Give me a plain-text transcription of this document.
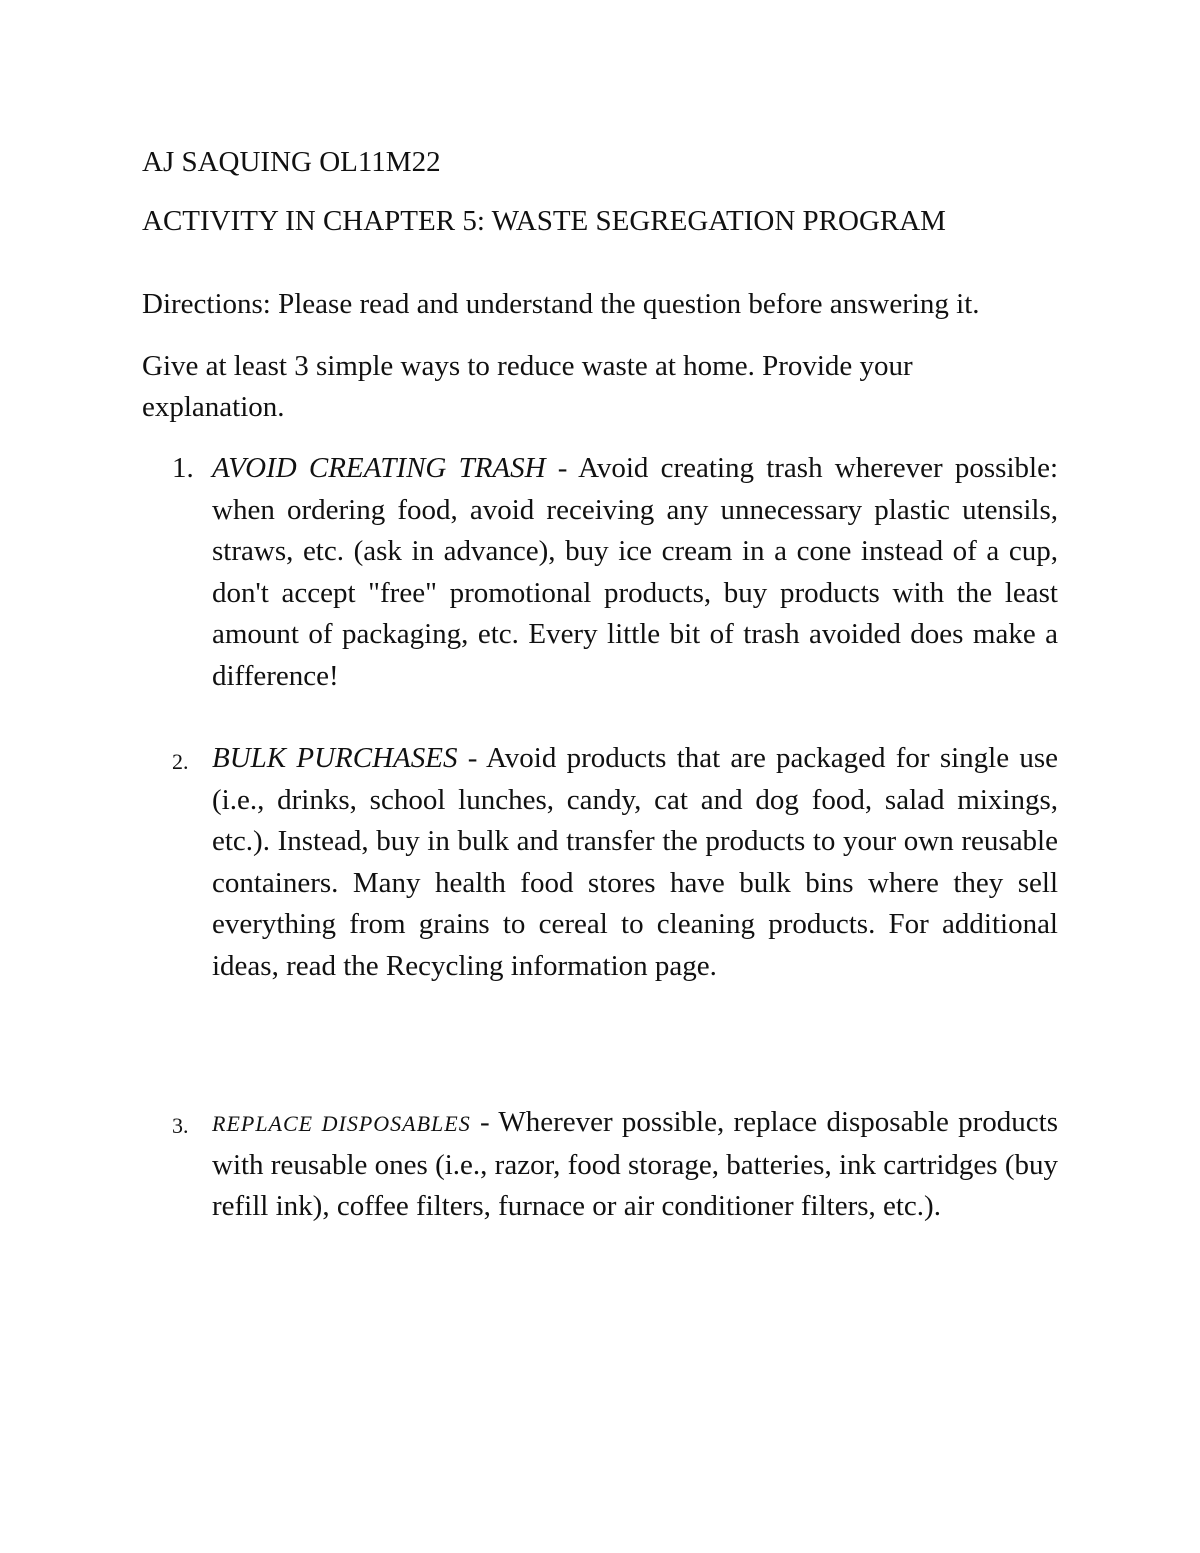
AJ SAQUING OL11M22

ACTIVITY IN CHAPTER 5: WASTE SEGREGATION PROGRAM

Directions: Please read and understand the question before answering it.

Give at least 3 simple ways to reduce waste at home. Provide your explanation.

1. AVOID CREATING TRASH - Avoid creating trash wherever possible: when ordering food, avoid receiving any unnecessary plastic utensils, straws, etc. (ask in advance), buy ice cream in a cone instead of a cup, don't accept "free" promotional products, buy products with the least amount of packaging, etc. Every little bit of trash avoided does make a difference!
2. BULK PURCHASES - Avoid products that are packaged for single use (i.e., drinks, school lunches, candy, cat and dog food, salad mixings, etc.). Instead, buy in bulk and transfer the products to your own reusable containers. Many health food stores have bulk bins where they sell everything from grains to cereal to cleaning products. For additional ideas, read the Recycling information page.
3.	REPLACE DISPOSABLES - Wherever possible, replace disposable products with reusable ones (i.e., razor, food storage, batteries, ink cartridges (buy refill ink), coffee filters, furnace or air conditioner filters, etc.).
